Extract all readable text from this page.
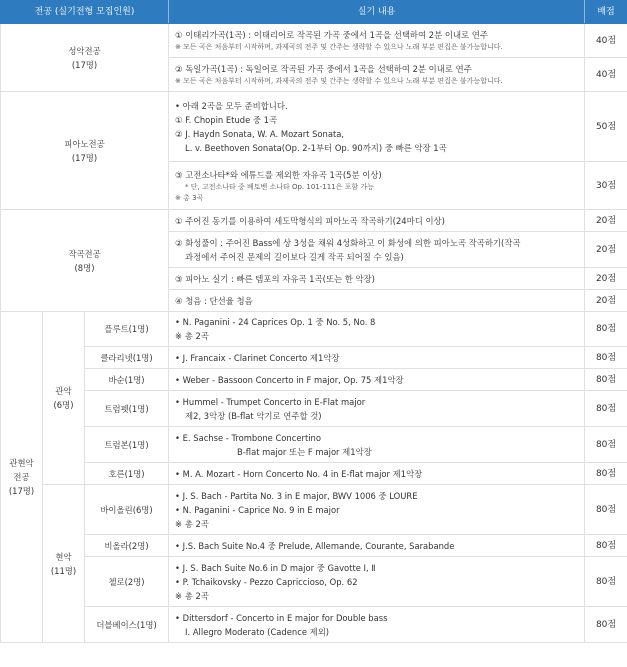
전공 (실기전형 모집인원)			실기 내용	배점

성악전공
(17명)			① 이태리가곡(1곡) : 이태리어로 작곡된 가곡 중에서 1곡을 선택하여 2분 이내로 연주
※ 모든 곡은 처음부터 시작하며, 과제곡의 전주 및 간주는 생략할 수 있으나 노래 부분 편집은 불가능합니다.	40점

			② 독일가곡(1곡) : 독일어로 작곡된 가곡 중에서 1곡을 선택하여 2분 이내로 연주
※ 모든 곡은 처음부터 시작하며, 과제곡의 전주 및 간주는 생략할 수 있으나 노래 부분 편집은 불가능합니다.	40점

피아노전공
(17명)			• 아래 2곡을 모두 준비합니다.
① F. Chopin Etude 중 1곡
② J. Haydn Sonata, W. A. Mozart Sonata,
L. v. Beethoven Sonata(Op. 2-1부터 Op. 90까지) 중 빠른 악장 1곡	50점

			③ 고전소나타*와 에튜드를 제외한 자유곡 1곡(5분 이상)
* 단, 고전소나타 중 베토벤 소나타 Op. 101-111은 포함 가능
※ 총 3곡	30점

작곡전공
(8명)			① 주어진 동기를 이용하여 세도막형식의 피아노곡 작곡하기(24마디 이상)	20점

			② 화성풀이 : 주어진 Bass에 상 3성을 채워 4성화하고 이 화성에 의한 피아노곡 작곡하기(작곡
과정에서 주어진 문제의 길이보다 길게 작곡 되어질 수 있음)	20점

			③ 피아노 실기 : 빠른 템포의 자유곡 1곡(또는 한 악장)	20점

			④ 청음 : 단선율 청음	20점

관현악
전공
(17명)	관악
(6명)	플루트(1명)	• N. Paganini - 24 Caprices Op. 1 중 No. 5, No. 8
※ 총 2곡	80점
		클라리넷(1명)	• J. Francaix - Clarinet Concerto 제1악장	80점
		바순(1명)	• Weber - Bassoon Concerto in F major, Op. 75 제1악장	80점
		트럼펫(1명)	• Hummel - Trumpet Concerto in E-Flat major
제2, 3악장 (B-flat 악기로 연주할 것)	80점
		트럼본(1명)	• E. Sachse - Trombone Concertino
B-flat major 또는 F major 제1악장	80점
		호른(1명)	• M. A. Mozart - Horn Concerto No. 4 in E-flat major 제1악장	80점

	현악
(11명)	바이올린(6명)	• J. S. Bach - Partita No. 3 in E major, BWV 1006 중 LOURE
• N. Paganini - Caprice No. 9 in E major
※ 총 2곡	80점
		비올라(2명)	• J.S. Bach Suite No.4 중 Prelude, Allemande, Courante, Sarabande	80점
		첼로(2명)	• J. S. Bach Suite No.6 in D major 중 Gavotte Ⅰ, Ⅱ
• P. Tchaikovsky - Pezzo Capriccioso, Op. 62
※ 총 2곡	80점
		더블베이스(1명)	• Dittersdorf - Concerto in E major for Double bass
Ⅰ. Allegro Moderato (Cadence 제외)	80점
